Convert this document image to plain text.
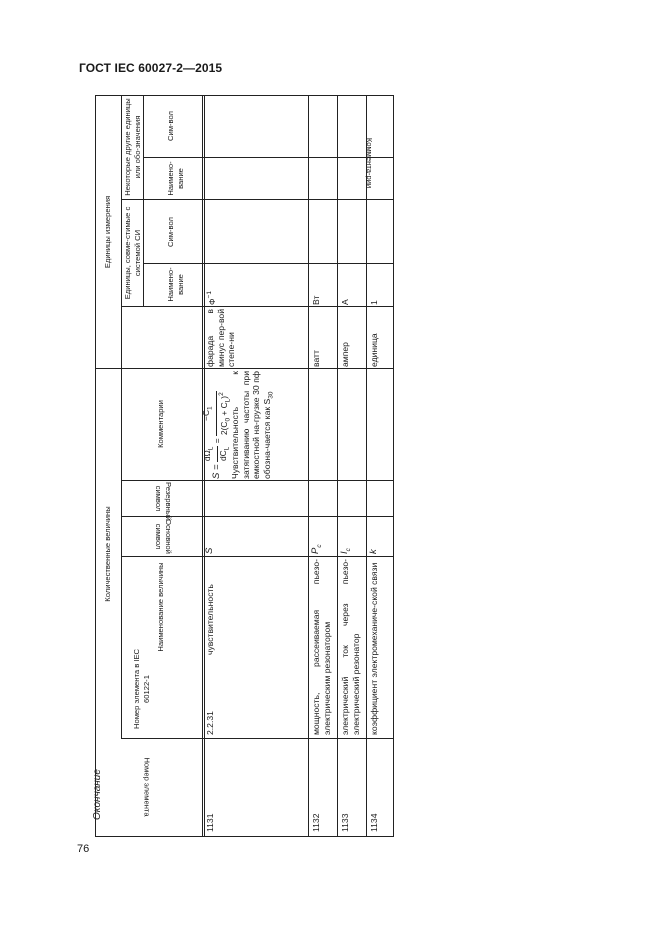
ГОСТ IEC 60027-2—2015
Окончание
76
Количественные величины
Единицы измерения
Номер элемента
Номер элемента в IEC 60122-1
Наименование величины
Основной символ
Резервный символ
Комментарии
Единицы, совме-стимые с системой СИ
Некоторые другие единицы или обо-значения
Наимено-вание
Сим-вол
Наимено-вание
Сим-вол
1131
2.2.31
чувствительность
S
S =

$d\Omega_L$
$dC_L$

=

$-C_1$
$2(C_0 + C_L)^2$ Чувствительность к затягиванию частоты при емкостной на-грузке 30 пф обозна-чается как $S_{30}$
фарада в минус пер-вой степе-ни
$Ф^{-1}$
1132
мощность, рассеиваемая пьезо-электрическим резонатором
$P_c$
ватт
Вт
1133
электрический ток через пьезо-электрический резонатор
$I_c$
ампер
А
1134
коэффициент электромеханиче-ской связи
k
единица
1
Коммента-рии
